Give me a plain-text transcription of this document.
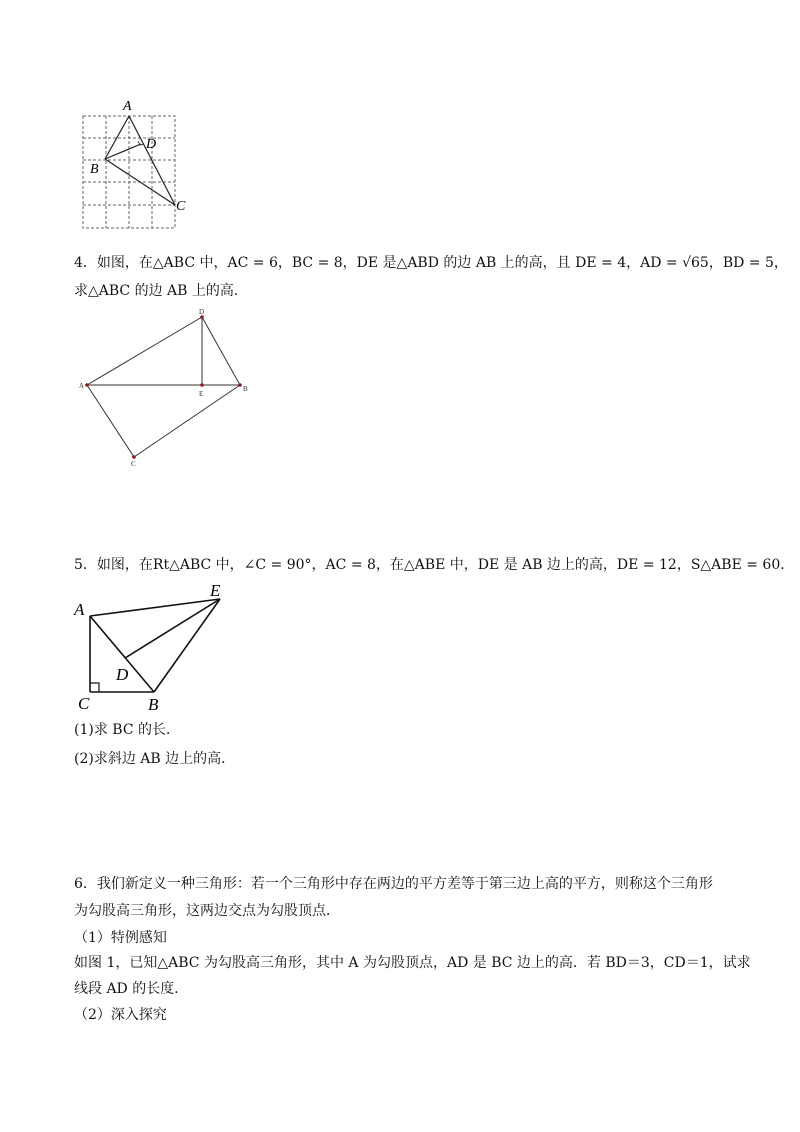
A
B
C
D
4．如图，在△ABC 中，AC = 6，BC = 8，DE 是△ABD 的边 AB 上的高，且 DE = 4，AD = √65，BD = 5，
求△ABC 的边 AB 上的高．
A
D
E
B
C
5．如图，在Rt△ABC 中，∠C = 90°，AC = 8，在△ABE 中，DE 是 AB 边上的高，DE = 12，S△ABE = 60．
A
E
D
C	B
(1)求 BC 的长．
(2)求斜边 AB 边上的高．
6．我们新定义一种三角形：若一个三角形中存在两边的平方差等于第三边上高的平方，则称这个三角形
为勾股高三角形，这两边交点为勾股顶点．
（1）特例感知
如图 1，已知△ABC 为勾股高三角形，其中 A 为勾股顶点，AD 是 BC 边上的高．若 BD＝3，CD＝1，试求
线段 AD 的长度．
（2）深入探究
